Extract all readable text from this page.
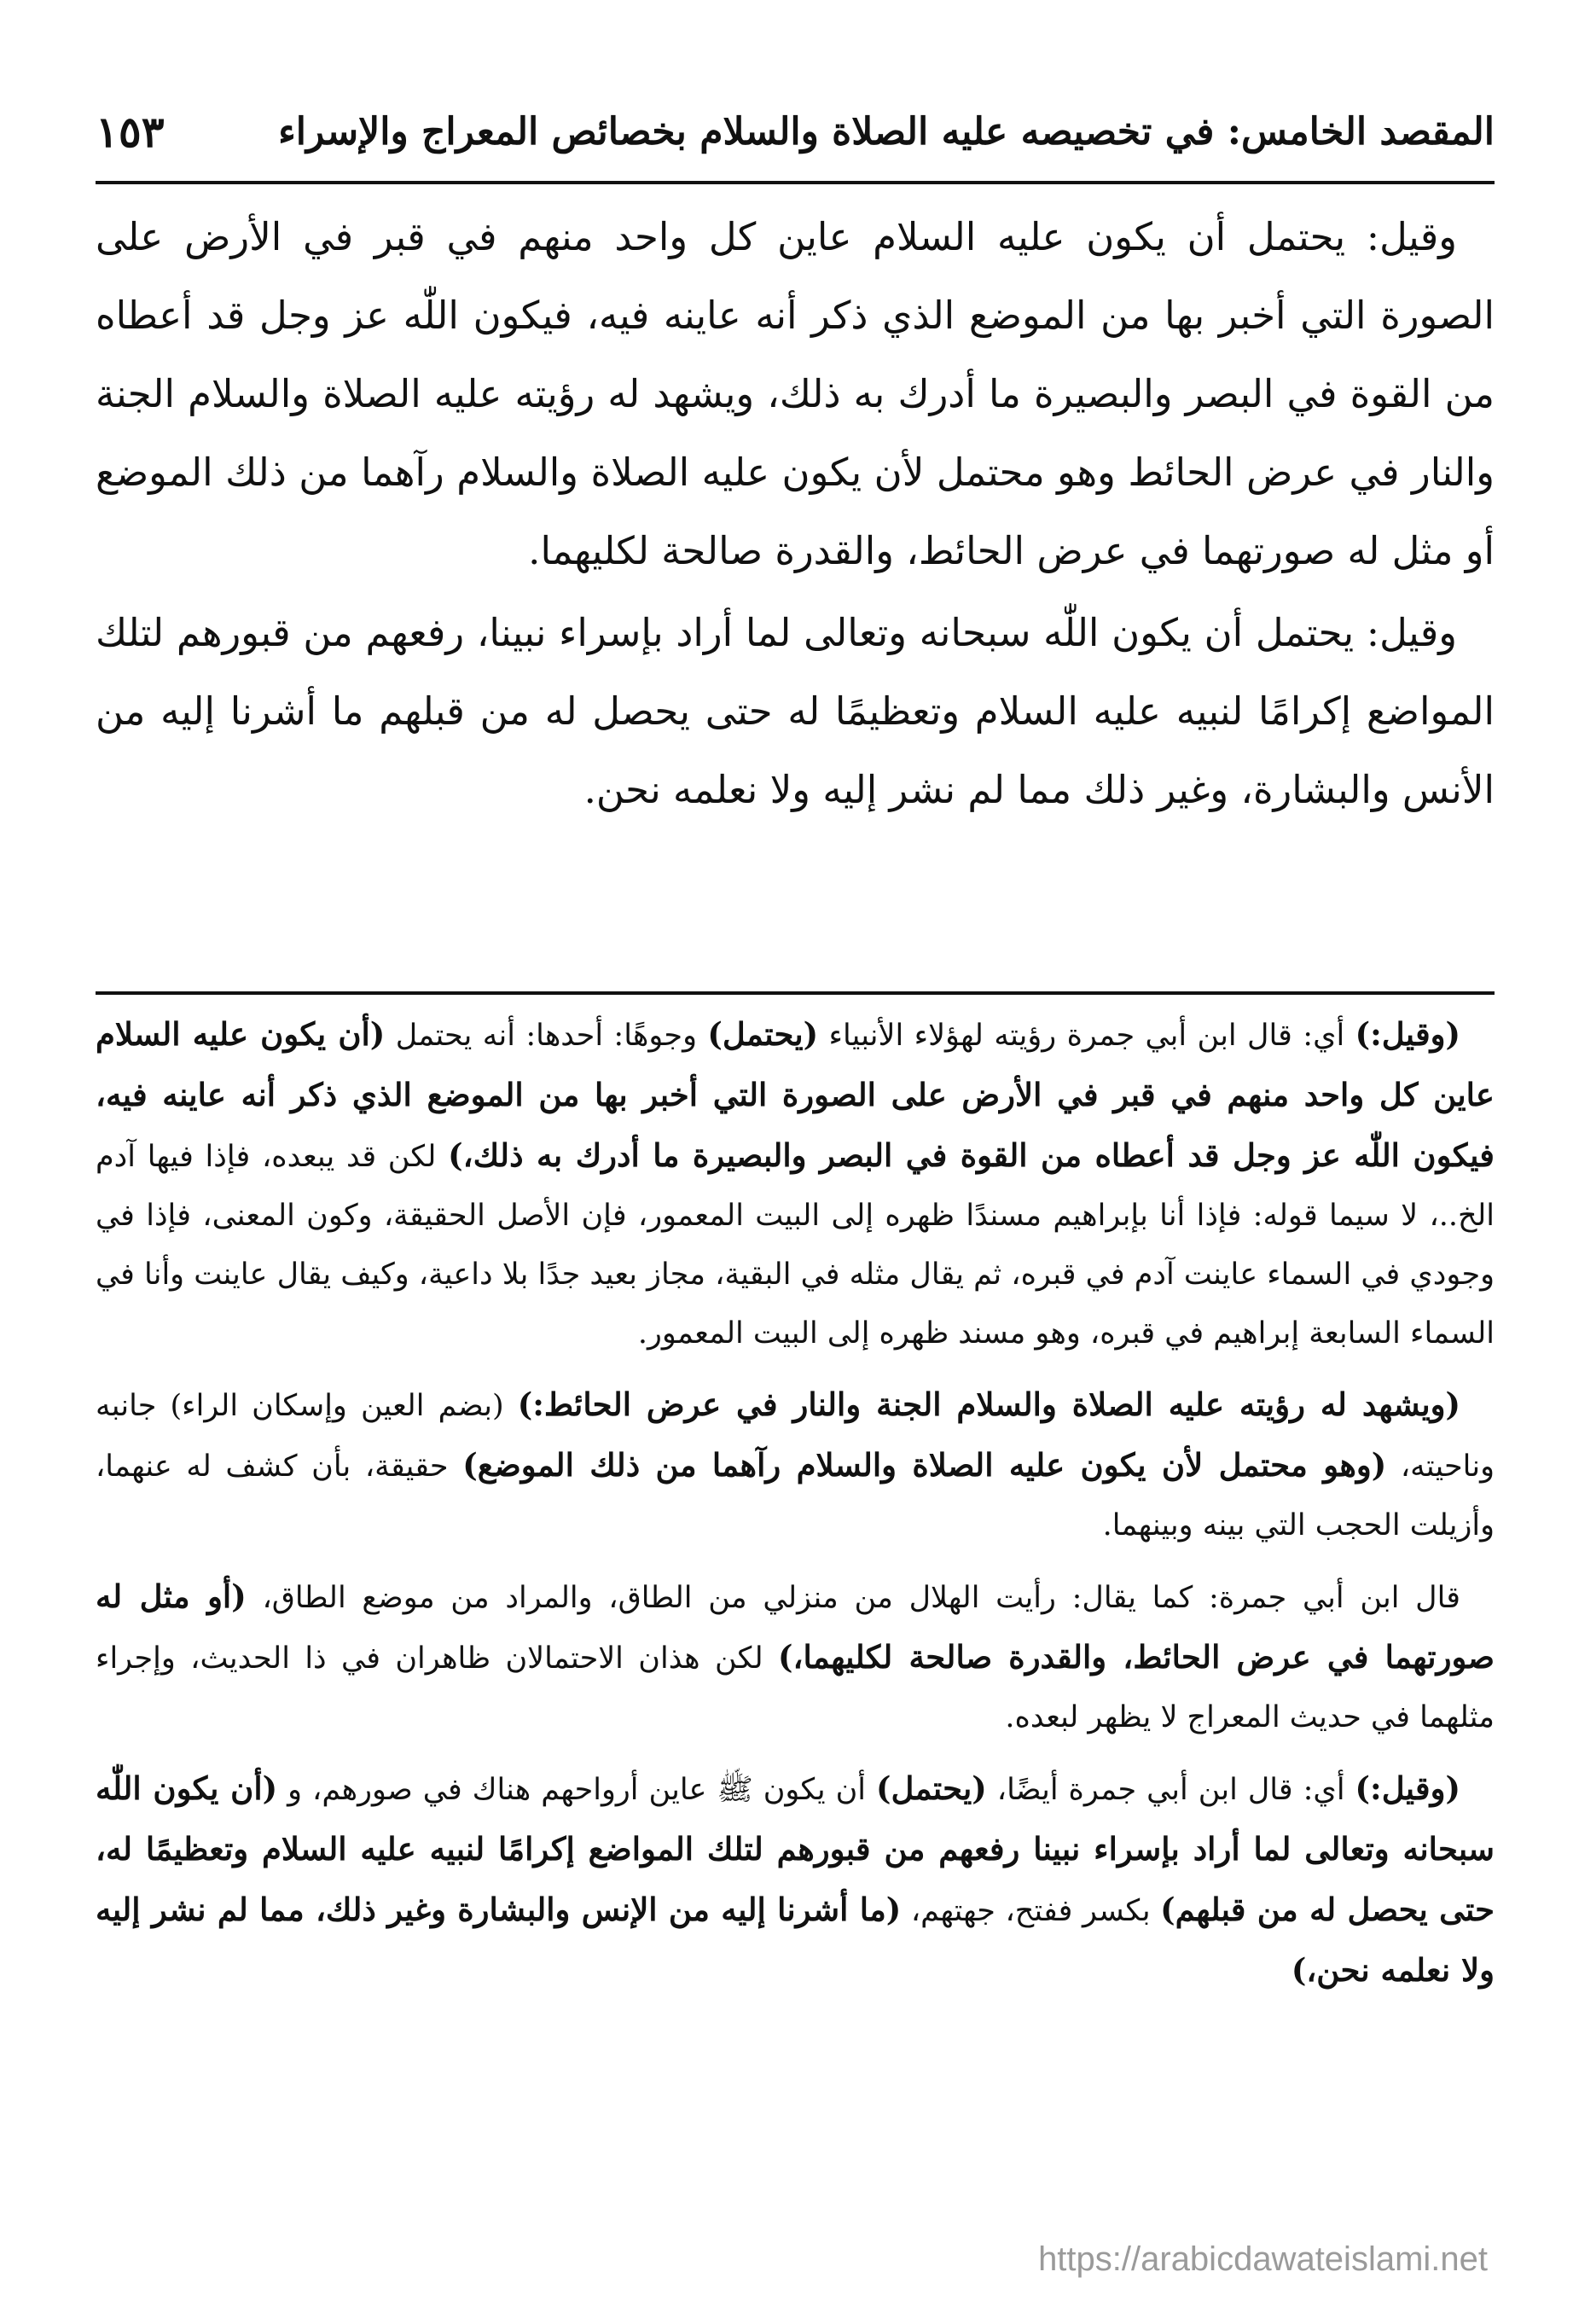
المقصد الخامس: في تخصيصه عليه الصلاة والسلام بخصائص المعراج والإسراء
١٥٣

وقيل: يحتمل أن يكون عليه السلام عاين كل واحد منهم في قبر في الأرض على الصورة التي أخبر بها من الموضع الذي ذكر أنه عاينه فيه، فيكون اللّٰه عز وجل قد أعطاه من القوة في البصر والبصيرة ما أدرك به ذلك، ويشهد له رؤيته عليه الصلاة والسلام الجنة والنار في عرض الحائط وهو محتمل لأن يكون عليه الصلاة والسلام رآهما من ذلك الموضع أو مثل له صورتهما في عرض الحائط، والقدرة صالحة لكليهما.

وقيل: يحتمل أن يكون اللّٰه سبحانه وتعالى لما أراد بإسراء نبينا، رفعهم من قبورهم لتلك المواضع إكرامًا لنبيه عليه السلام وتعظيمًا له حتى يحصل له من قبلهم ما أشرنا إليه من الأنس والبشارة، وغير ذلك مما لم نشر إليه ولا نعلمه نحن.

(وقيل:) أي: قال ابن أبي جمرة رؤيته لهؤلاء الأنبياء (يحتمل) وجوهًا: أحدها: أنه يحتمل (أن يكون عليه السلام عاين كل واحد منهم في قبر في الأرض على الصورة التي أخبر بها من الموضع الذي ذكر أنه عاينه فيه، فيكون اللّٰه عز وجل قد أعطاه من القوة في البصر والبصيرة ما أدرك به ذلك،) لكن قد يبعده، فإذا فيها آدم الخ..، لا سيما قوله: فإذا أنا بإبراهيم مسندًا ظهره إلى البيت المعمور، فإن الأصل الحقيقة، وكون المعنى، فإذا في وجودي في السماء عاينت آدم في قبره، ثم يقال مثله في البقية، مجاز بعيد جدًا بلا داعية، وكيف يقال عاينت وأنا في السماء السابعة إبراهيم في قبره، وهو مسند ظهره إلى البيت المعمور.

(ويشهد له رؤيته عليه الصلاة والسلام الجنة والنار في عرض الحائط:) (بضم العين وإسكان الراء) جانبه وناحيته، (وهو محتمل لأن يكون عليه الصلاة والسلام رآهما من ذلك الموضع) حقيقة، بأن كشف له عنهما، وأزيلت الحجب التي بينه وبينهما.

قال ابن أبي جمرة: كما يقال: رأيت الهلال من منزلي من الطاق، والمراد من موضع الطاق، (أو مثل له صورتهما في عرض الحائط، والقدرة صالحة لكليهما،) لكن هذان الاحتمالان ظاهران في ذا الحديث، وإجراء مثلهما في حديث المعراج لا يظهر لبعده.

(وقيل:) أي: قال ابن أبي جمرة أيضًا، (يحتمل) أن يكون ﷺ عاين أرواحهم هناك في صورهم، و (أن يكون اللّٰه سبحانه وتعالى لما أراد بإسراء نبينا رفعهم من قبورهم لتلك المواضع إكرامًا لنبيه عليه السلام وتعظيمًا له، حتى يحصل له من قبلهم) بكسر ففتح، جهتهم، (ما أشرنا إليه من الإنس والبشارة وغير ذلك، مما لم نشر إليه ولا نعلمه نحن،)

https://arabicdawateislami.net
